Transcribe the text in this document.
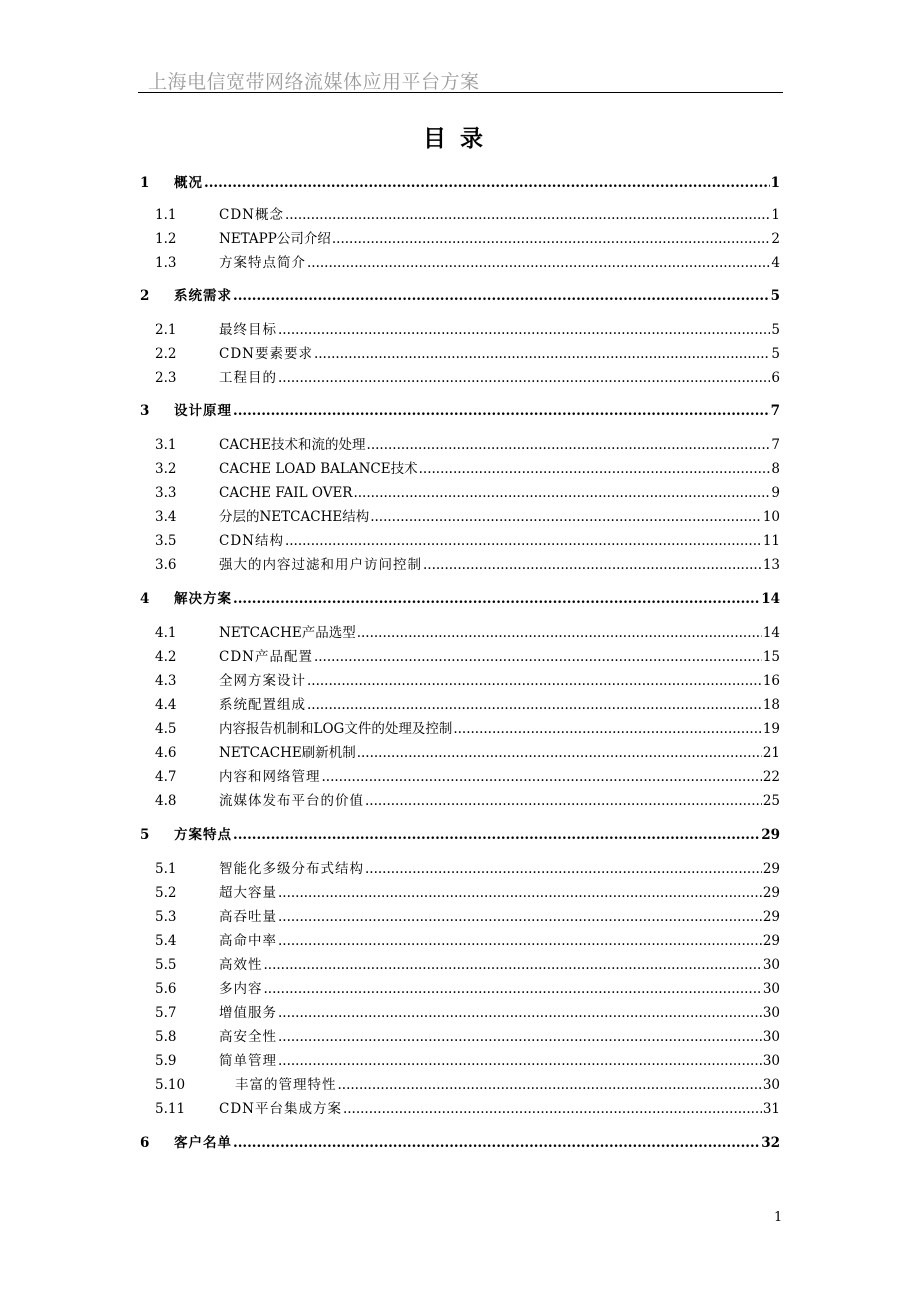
上海电信宽带网络流媒体应用平台方案
目录
1	概况 .....	1
1.1	CDN概念 .....	1
1.2	NETAPP公司介绍 .....	2
1.3	方案特点简介 .....	4
2	系统需求 .....	5
2.1	最终目标 .....	5
2.2	CDN要素要求 .....	5
2.3	工程目的 .....	6
3	设计原理 .....	7
3.1	CACHE技术和流的处理 .....	7
3.2	CACHE LOAD BALANCE技术 .....	8
3.3	CACHE FAIL OVER .....	9
3.4	分层的NETCACHE结构 .....	10
3.5	CDN结构 .....	11
3.6	强大的内容过滤和用户访问控制 .....	13
4	解决方案 .....	14
4.1	NETCACHE产品选型 .....	14
4.2	CDN产品配置 .....	15
4.3	全网方案设计 .....	16
4.4	系统配置组成 .....	18
4.5	内容报告机制和LOG文件的处理及控制 .....	19
4.6	NETCACHE刷新机制 .....	21
4.7	内容和网络管理 .....	22
4.8	流媒体发布平台的价值 .....	25
5	方案特点 .....	29
5.1	智能化多级分布式结构 .....	29
5.2	超大容量 .....	29
5.3	高吞吐量 .....	29
5.4	高命中率 .....	29
5.5	高效性 .....	30
5.6	多内容 .....	30
5.7	增值服务 .....	30
5.8	高安全性 .....	30
5.9	简单管理 .....	30
5.10	丰富的管理特性 .....	30
5.11	CDN平台集成方案 .....	31
6	客户名单 .....	32
1
